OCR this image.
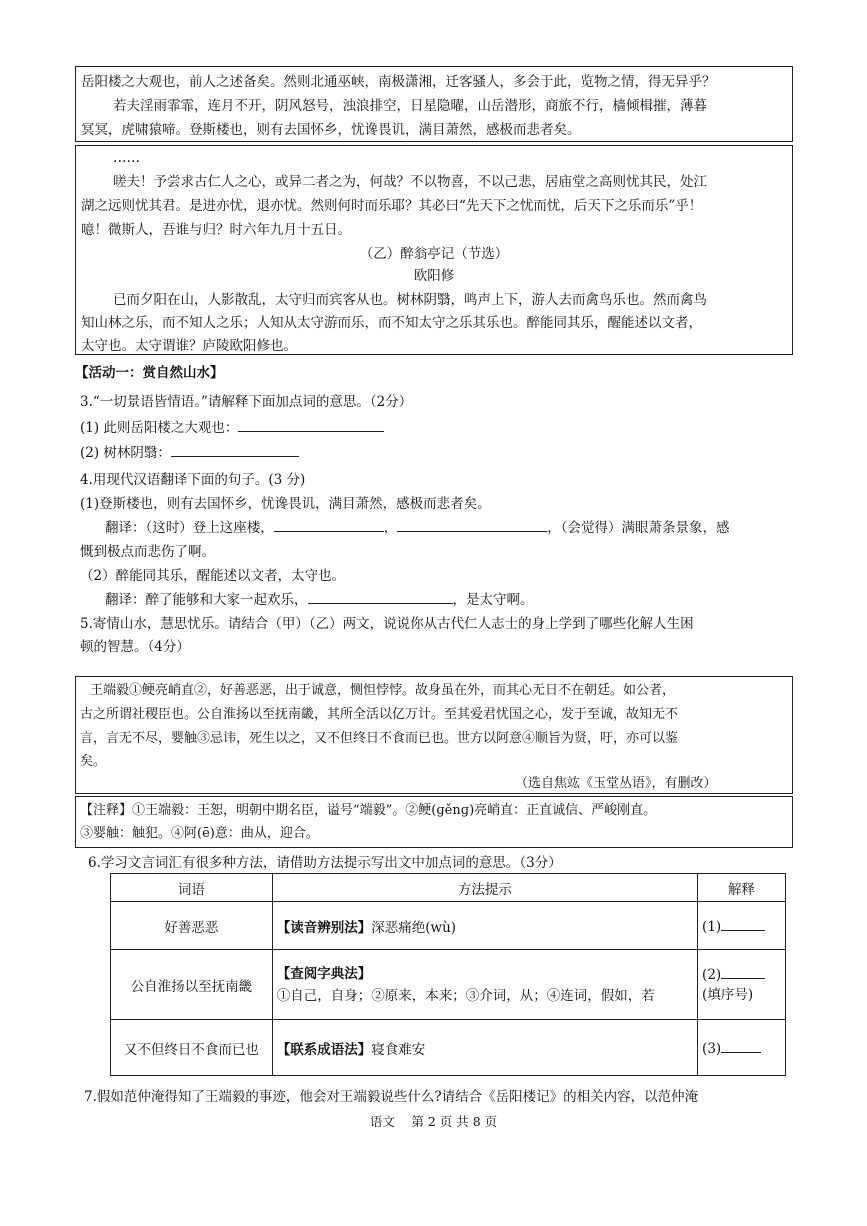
岳阳楼之大观也，前人之述备矣。然则北通巫峡，南极潇湘，迁客骚人，多会于此，览物之情，得无异乎？
若夫淫雨霏霏，连月不开，阴风怒号，浊浪排空，日星隐曜，山岳潜形，商旅不行，樯倾楫摧，薄暮
冥冥，虎啸猿啼。登斯楼也，则有去国怀乡，忧谗畏讥，满目萧然，感极而悲者矣。
……
嗟夫！予尝求古仁人之心，或异二者之为，何哉？不以物喜，不以己悲，居庙堂之高则忧其民，处江
湖之远则忧其君。是进亦忧，退亦忧。然则何时而乐耶？其必曰“先天下之忧而忧，后天下之乐而乐”乎！
噫！微斯人，吾谁与归？时六年九月十五日。
（乙）醉翁亭记（节选）
欧阳修
已而夕阳在山，人影散乱，太守归而宾客从也。树林阴翳，鸣声上下，游人去而禽鸟乐也。然而禽鸟
知山林之乐，而不知人之乐；人知从太守游而乐，而不知太守之乐其乐也。醉能同其乐，醒能述以文者，
太守也。太守谓谁？庐陵欧阳修也。
【活动一：赏自然山水】
3.“一切景语皆情语。”请解释下面加点词的意思。（2分）
(1) 此则岳阳楼之大观也：
(2) 树林阴翳：
4.用现代汉语翻译下面的句子。(3 分)
(1)登斯楼也，则有去国怀乡，忧谗畏讥，满目萧然，感极而悲者矣。
翻译：（这时）登上这座楼，	，	，（会觉得）满眼萧条景象，感
慨到极点而悲伤了啊。
（2）醉能同其乐，醒能述以文者，太守也。
翻译：醉了能够和大家一起欢乐，	，是太守啊。
5.寄情山水，慧思忧乐。请结合（甲）（乙）两文，说说你从古代仁人志士的身上学到了哪些化解人生困
顿的智慧。（4分）
王端毅①鲠亮峭直②，好善恶恶，出于诚意，恻怛悖悖。故身虽在外，而其心无日不在朝廷。如公者，
古之所谓社稷臣也。公自淮扬以至抚南畿，其所全活以亿万计。至其爱君忧国之心，发于至诚，故知无不
言，言无不尽，婴触③忌讳，死生以之，又不但终日不食而已也。世方以阿意④顺旨为贤，吁，亦可以鉴
矣。
（选自焦竑《玉堂丛语》，有删改）
【注释】①王端毅：王恕，明朝中期名臣，谥号“端毅”。②鲠(ɡěnɡ)亮峭直：正直诚信、严峻刚直。
③婴触：触犯。④阿(ē)意：曲从，迎合。
6.学习文言词汇有很多种方法，请借助方法提示写出文中加点词的意思。（3分）
词语	方法提示	解释
好善恶恶	【读音辨别法】深恶痛绝(wù)	(1)
公自淮扬以至抚南畿	【查阅字典法】
①自己，自身；②原来，本来；③介词，从；④连词，假如，若	(2)
(填序号)
又不但终日不食而已也	【联系成语法】寝食难安	(3)
7.假如范仲淹得知了王端毅的事迹，他会对王端毅说些什么?请结合《岳阳楼记》的相关内容，以范仲淹
语文　 第 2 页 共 8 页
